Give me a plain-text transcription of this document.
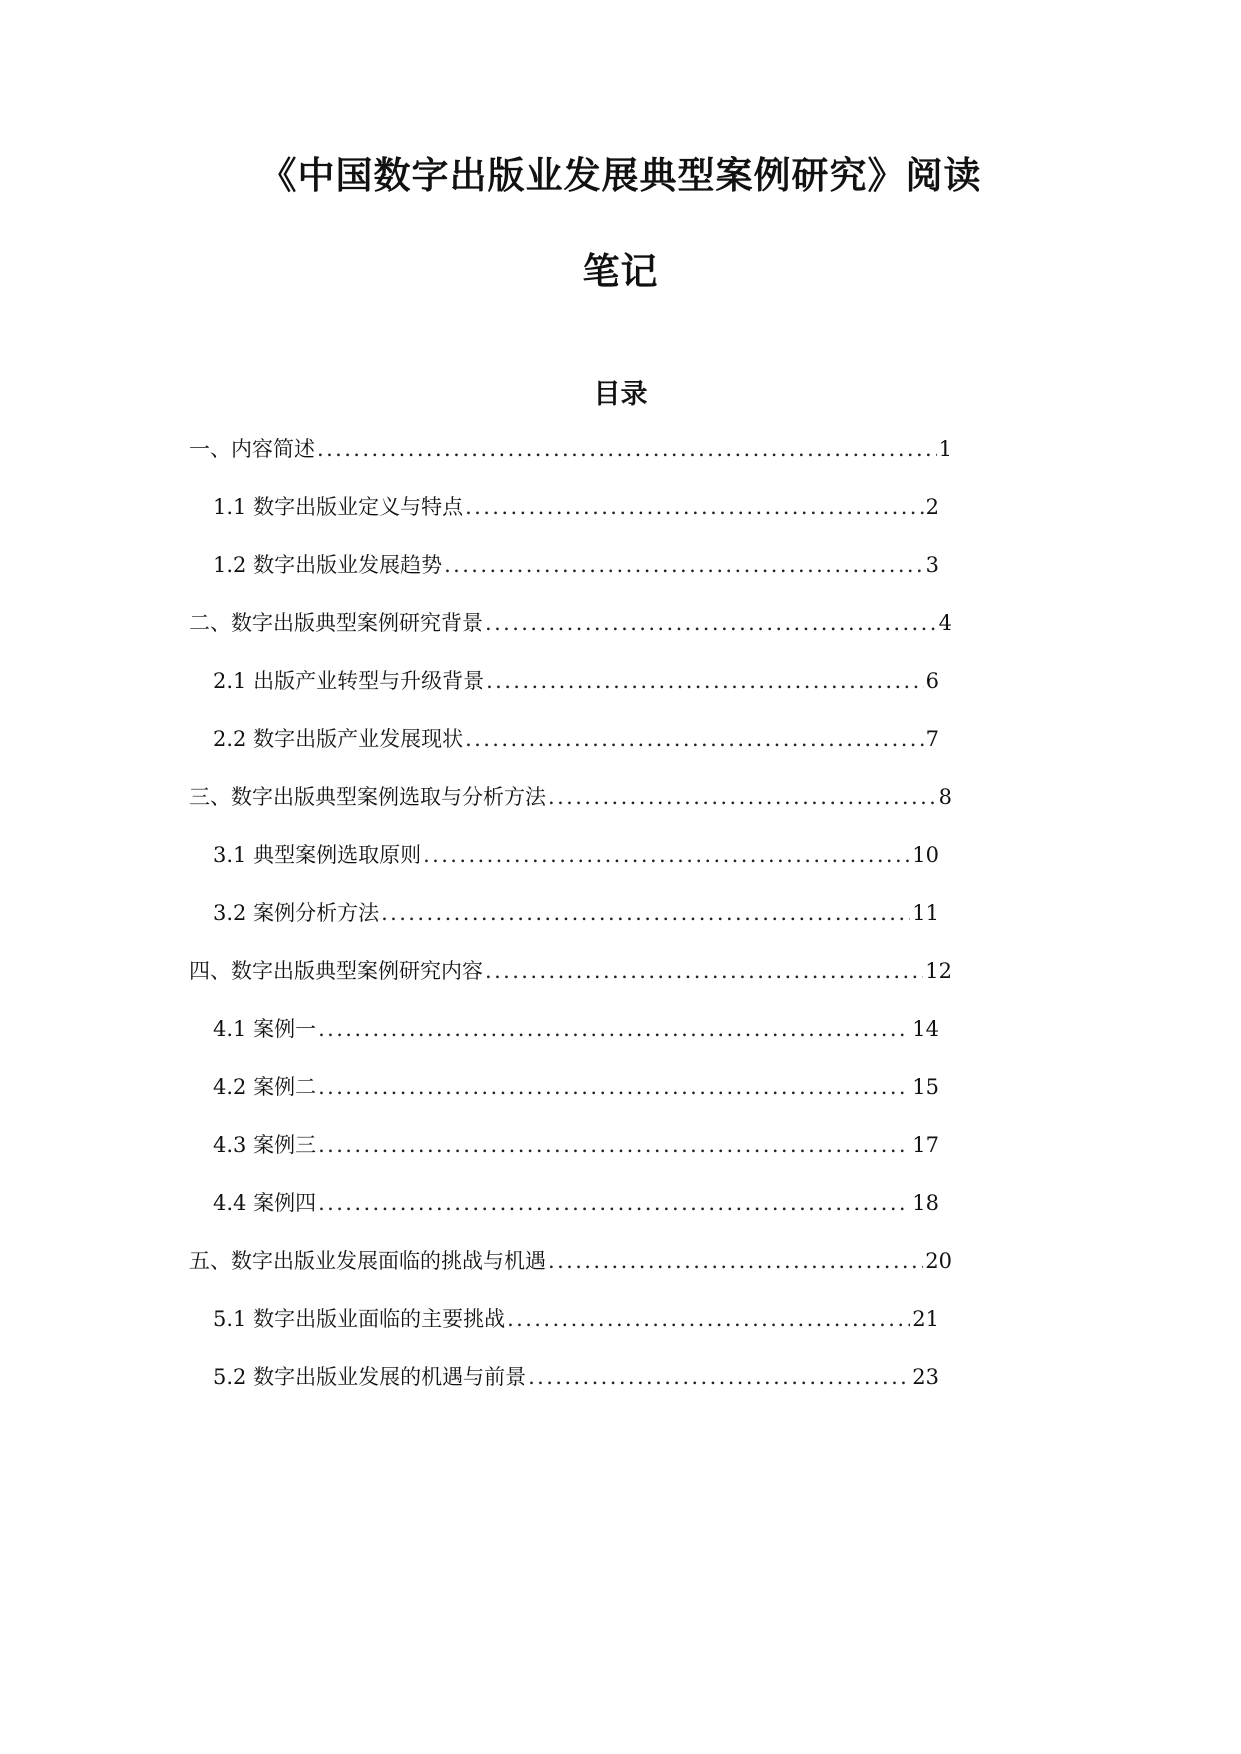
《中国数字出版业发展典型案例研究》阅读
笔记
目录
一、内容简述 .....	1
1.1 数字出版业定义与特点 .....	2
1.2 数字出版业发展趋势 .....	3
二、数字出版典型案例研究背景 .....	4
2.1 出版产业转型与升级背景 .....	6
2.2 数字出版产业发展现状 .....	7
三、数字出版典型案例选取与分析方法 .....	8
3.1 典型案例选取原则 .....	10
3.2 案例分析方法 .....	11
四、数字出版典型案例研究内容 .....	12
4.1 案例一 .....	14
4.2 案例二 .....	15
4.3 案例三 .....	17
4.4 案例四 .....	18
五、数字出版业发展面临的挑战与机遇 .....	20
5.1 数字出版业面临的主要挑战 .....	21
5.2 数字出版业发展的机遇与前景 .....	23
